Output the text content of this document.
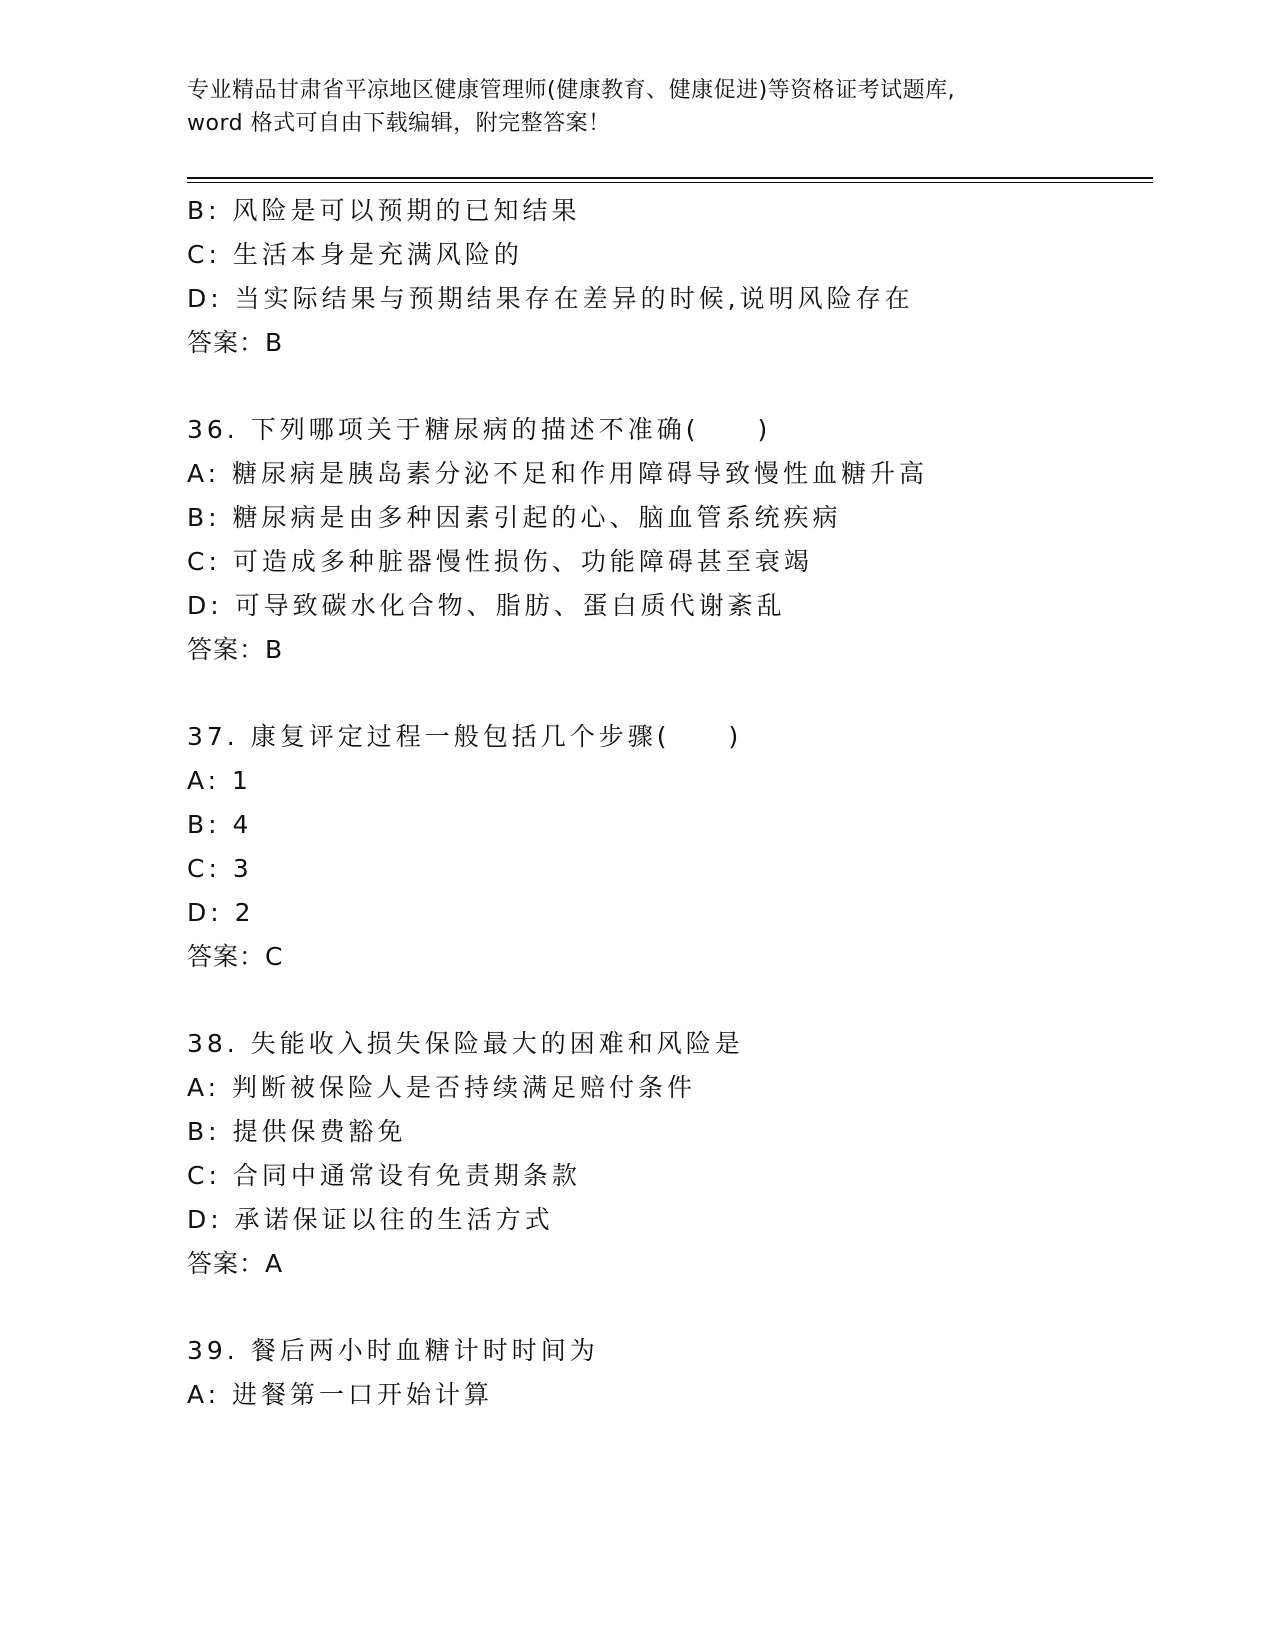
专业精品甘肃省平凉地区健康管理师(健康教育、健康促进)等资格证考试题库,
word 格式可自由下载编辑，附完整答案！
B: 风险是可以预期的已知结果
C: 生活本身是充满风险的
D: 当实际结果与预期结果存在差异的时候,说明风险存在
答案：B
36. 下列哪项关于糖尿病的描述不准确(　　)
A: 糖尿病是胰岛素分泌不足和作用障碍导致慢性血糖升高
B: 糖尿病是由多种因素引起的心、脑血管系统疾病
C: 可造成多种脏器慢性损伤、功能障碍甚至衰竭
D: 可导致碳水化合物、脂肪、蛋白质代谢紊乱
答案：B
37. 康复评定过程一般包括几个步骤(　　)
A: 1
B: 4
C: 3
D: 2
答案：C
38. 失能收入损失保险最大的困难和风险是
A: 判断被保险人是否持续满足赔付条件
B: 提供保费豁免
C: 合同中通常设有免责期条款
D: 承诺保证以往的生活方式
答案：A
39. 餐后两小时血糖计时时间为
A: 进餐第一口开始计算
